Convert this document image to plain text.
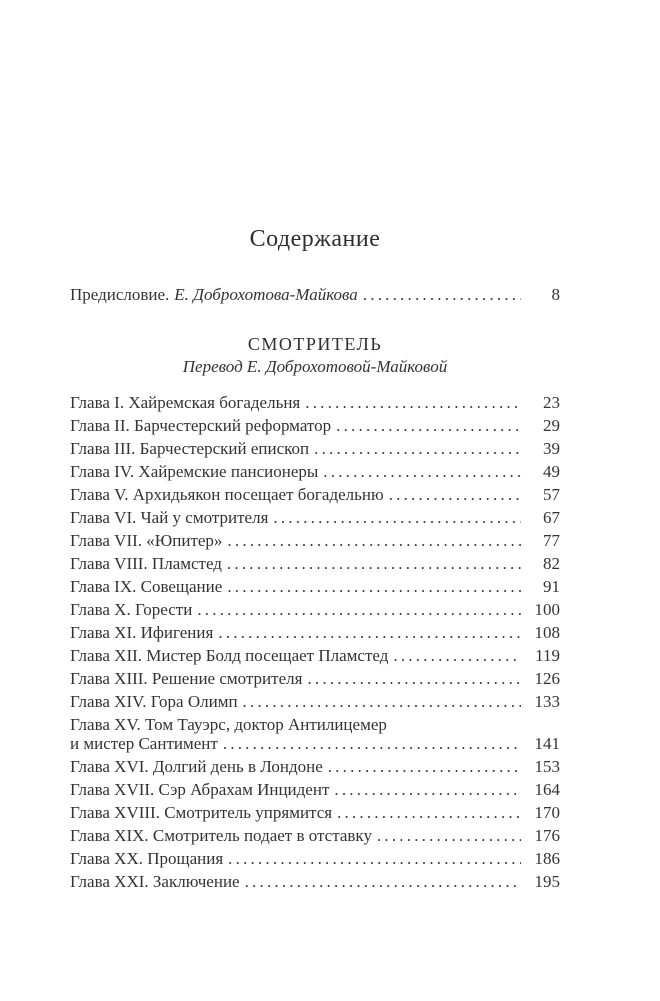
Содержание
Предисловие. Е. Доброхотова-Майкова .....	8
СМОТРИТЕЛЬ
Перевод Е. Доброхотовой-Майковой
Глава I. Хайремская богадельня .....	23
Глава II. Барчестерский реформатор .....	29
Глава III. Барчестерский епископ .....	39
Глава IV. Хайремские пансионеры .....	49
Глава V. Архидьякон посещает богадельню .....	57
Глава VI. Чай у смотрителя .....	67
Глава VII. «Юпитер» .....	77
Глава VIII. Пламстед .....	82
Глава IX. Совещание .....	91
Глава X. Горести .....	100
Глава XI. Ифигения .....	108
Глава XII. Мистер Болд посещает Пламстед .....	119
Глава XIII. Решение смотрителя .....	126
Глава XIV. Гора Олимп .....	133
Глава XV. Том Тауэрс, доктор Антилицемер
и мистер Сантимент .....	141
Глава XVI. Долгий день в Лондоне .....	153
Глава XVII. Сэр Абрахам Инцидент .....	164
Глава XVIII. Смотритель упрямится .....	170
Глава XIX. Смотритель подает в отставку .....	176
Глава XX. Прощания .....	186
Глава XXI. Заключение .....	195
